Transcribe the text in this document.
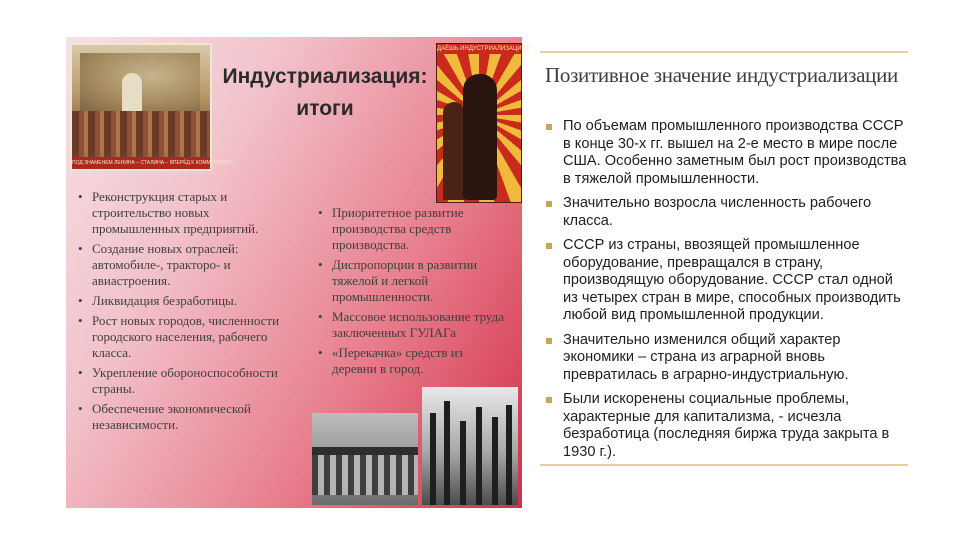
ПОД ЗНАМЕНЕМ ЛЕНИНА – СТАЛИНА – ВПЕРЁД К КОММУНИЗМУ!
Индустриализация:
итоги
ДАЁШЬ ИНДУСТРИАЛИЗАЦИЮ!
• Реконструкция старых и строительство новых промышленных предприятий.
• Создание новых отраслей: автомобиле-, тракторо- и авиастроения.
• Ликвидация безработицы.
• Рост новых городов, численности городского населения, рабочего класса.
• Укрепление обороноспособности страны.
• Обеспечение экономической независимости.
• Приоритетное развитие производства средств производства.
• Диспропорции в развитии тяжелой и легкой промышленности.
• Массовое использование труда заключенных ГУЛАГа
• «Перекачка» средств из деревни в город.
Позитивное значение индустриализации
По объемам промышленного производства СССР в конце 30-х гг. вышел на 2-е место в мире после США. Особенно заметным был рост производства в тяжелой промышленности.
Значительно возросла численность рабочего класса.
СССР из страны, ввозящей промышленное оборудование, превращался в страну, производящую оборудование. СССР стал одной из четырех стран в мире, способных производить любой вид промышленной продукции.
Значительно изменился общий характер экономики – страна из аграрной вновь превратилась в аграрно-индустриальную.
Были искоренены социальные проблемы, характерные для капитализма, - исчезла безработица (последняя биржа труда закрыта в 1930 г.).
